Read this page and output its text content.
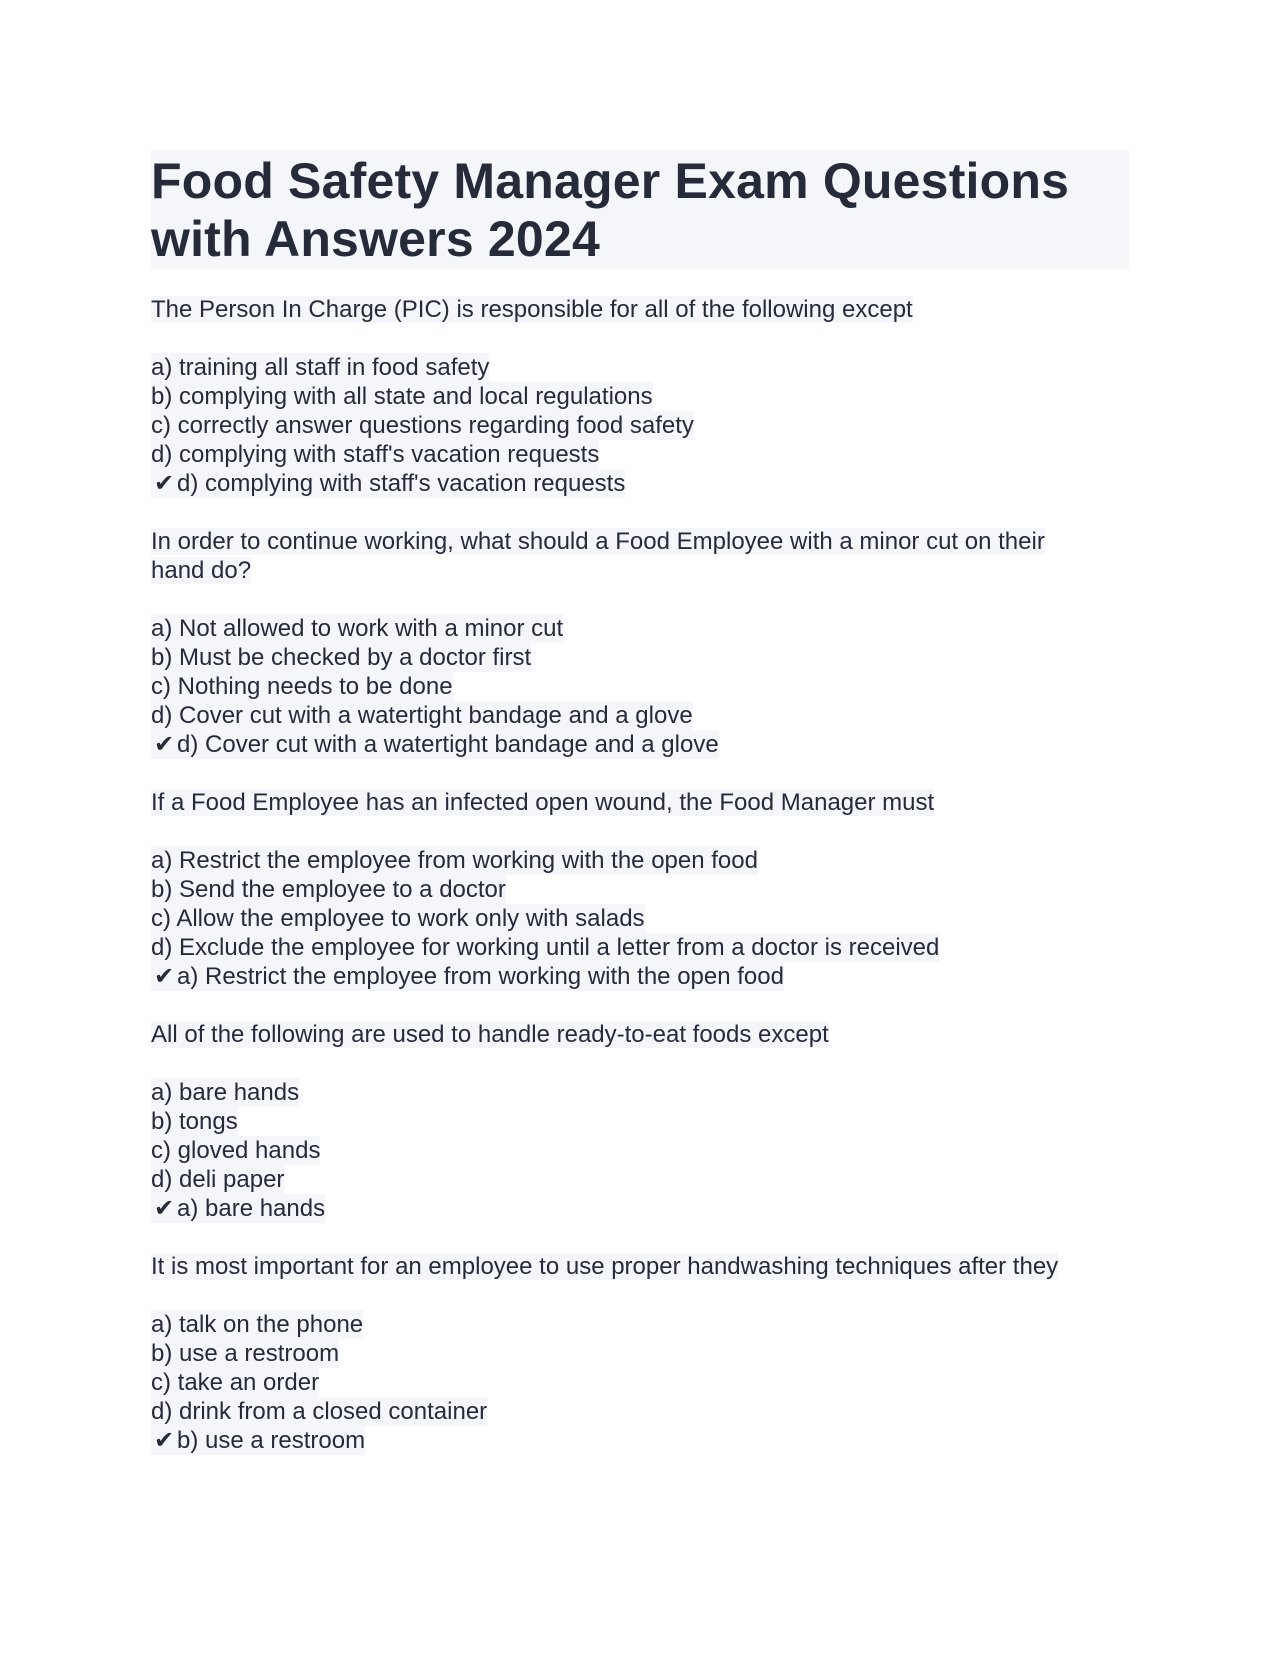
Food Safety Manager Exam Questions with Answers 2024
The Person In Charge (PIC) is responsible for all of the following except
a) training all staff in food safety
b) complying with all state and local regulations
c) correctly answer questions regarding food safety
d) complying with staff's vacation requests
✔ d) complying with staff's vacation requests
In order to continue working, what should a Food Employee with a minor cut on their hand do?
a) Not allowed to work with a minor cut
b) Must be checked by a doctor first
c) Nothing needs to be done
d) Cover cut with a watertight bandage and a glove
✔ d) Cover cut with a watertight bandage and a glove
If a Food Employee has an infected open wound, the Food Manager must
a) Restrict the employee from working with the open food
b) Send the employee to a doctor
c) Allow the employee to work only with salads
d) Exclude the employee for working until a letter from a doctor is received
✔ a) Restrict the employee from working with the open food
All of the following are used to handle ready-to-eat foods except
a) bare hands
b) tongs
c) gloved hands
d) deli paper
✔ a) bare hands
It is most important for an employee to use proper handwashing techniques after they
a) talk on the phone
b) use a restroom
c) take an order
d) drink from a closed container
✔ b) use a restroom
